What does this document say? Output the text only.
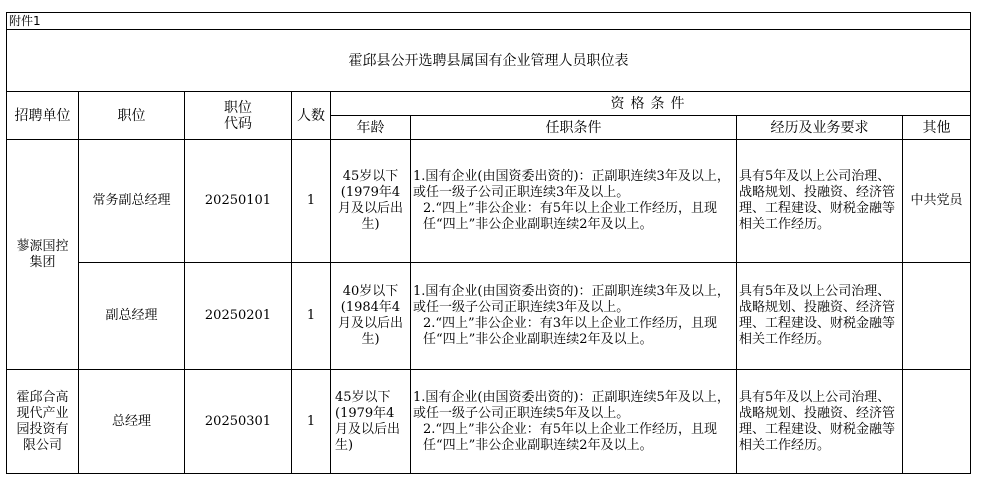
附件1							
霍邱县公开选聘县属国有企业管理人员职位表							
招聘单位	职位	职位代码	人数	资格条件			
				年龄	任职条件	经历及业务要求	其他
蓼源国控集团	常务副总经理	20250101	1	45岁以下(1979年4月及以后出生)	1.国有企业(由国资委出资的)：正副职连续3年及以上，或任一级子公司正职连续3年及以上。
2.“四上”非公企业：有5年以上企业工作经历，且现任“四上”非公企业副职连续2年及以上。	具有5年及以上公司治理、战略规划、投融资、经济管理、工程建设、财税金融等相关工作经历。	中共党员
	副总经理	20250201	1	40岁以下(1984年4月及以后出生)	1.国有企业(由国资委出资的)：正副职连续3年及以上，或任一级子公司正职连续3年及以上。
2.“四上”非公企业：有3年以上企业工作经历，且现任“四上”非公企业副职连续2年及以上。	具有5年及以上公司治理、战略规划、投融资、经济管理、工程建设、财税金融等相关工作经历。	
霍邱合高现代产业园投资有限公司	总经理	20250301	1	45岁以下(1979年4月及以后出生)	1.国有企业(由国资委出资的)：正副职连续5年及以上，或任一级子公司正职连续5年及以上。
2.“四上”非公企业：有5年以上企业工作经历，且现任“四上”非公企业副职连续2年及以上。	具有5年及以上公司治理、战略规划、投融资、经济管理、工程建设、财税金融等相关工作经历。	
